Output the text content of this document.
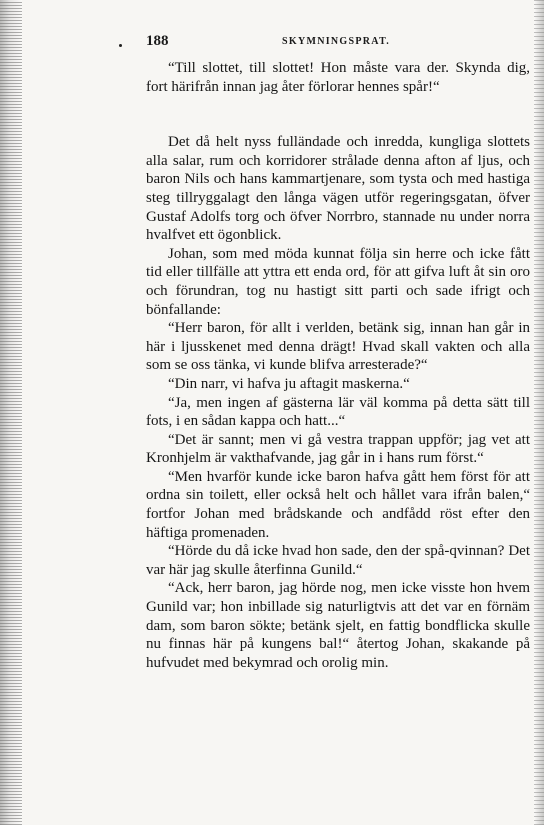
188	SKYMNINGSPRAT.

“Till slottet, till slottet! Hon måste vara der. Skynda dig, fort härifrån innan jag åter förlorar hennes spår!“

Det då helt nyss fulländade och inredda, kungliga slottets alla salar, rum och korridorer strålade denna afton af ljus, och baron Nils och hans kammartjenare, som tysta och med hastiga steg tillryggalagt den långa vägen utför regeringsgatan, öfver Gustaf Adolfs torg och öfver Norrbro, stannade nu under norra hvalfvet ett ögonblick.

Johan, som med möda kunnat följa sin herre och icke fått tid eller tillfälle att yttra ett enda ord, för att gifva luft åt sin oro och förundran, tog nu hastigt sitt parti och sade ifrigt och bönfallande:

“Herr baron, för allt i verlden, betänk sig, innan han går in här i ljusskenet med denna drägt! Hvad skall vakten och alla som se oss tänka, vi kunde blifva arresterade?“

“Din narr, vi hafva ju aftagit maskerna.“

“Ja, men ingen af gästerna lär väl komma på detta sätt till fots, i en sådan kappa och hatt...“

“Det är sannt; men vi gå vestra trappan uppför; jag vet att Kronhjelm är vakthafvande, jag går in i hans rum först.“

“Men hvarför kunde icke baron hafva gått hem först för att ordna sin toilett, eller också helt och hållet vara ifrån balen,“ fortfor Johan med brådskande och andfådd röst efter den häftiga promenaden.

“Hörde du då icke hvad hon sade, den der spå-qvinnan? Det var här jag skulle återfinna Gunild.“

“Ack, herr baron, jag hörde nog, men icke visste hon hvem Gunild var; hon inbillade sig naturligtvis att det var en förnäm dam, som baron sökte; betänk sjelt, en fattig bondflicka skulle nu finnas här på kungens bal!“ återtog Johan, skakande på hufvudet med bekymrad och orolig min.
